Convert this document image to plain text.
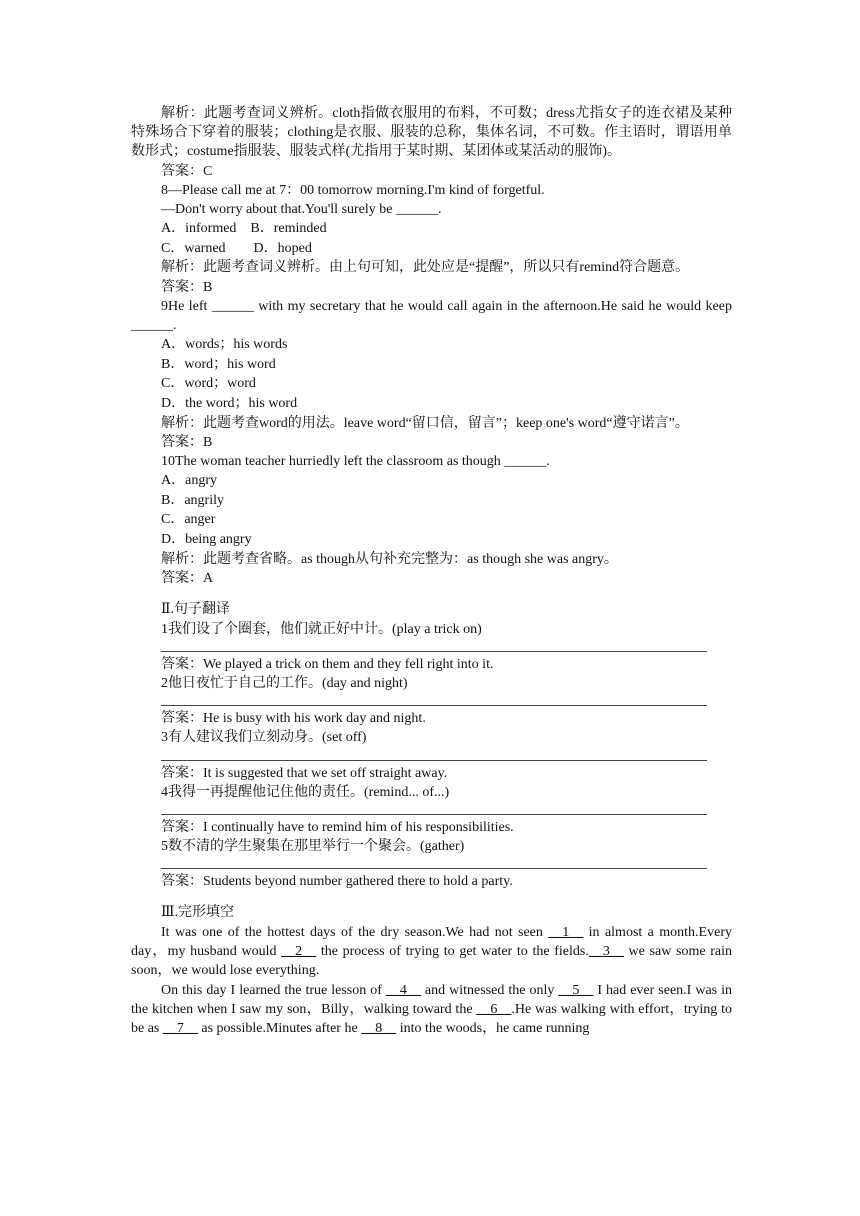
解析：此题考查词义辨析。cloth指做衣服用的布料，不可数；dress尤指女子的连衣裙及某种特殊场合下穿着的服装；clothing是衣服、服装的总称，集体名词，不可数。作主语时，谓语用单数形式；costume指服装、服装式样(尤指用于某时期、某团体或某活动的服饰)。

答案：C

8—Please call me at 7：00 tomorrow morning.I'm kind of forgetful.

—Don't worry about that.You'll surely be ______.

A．informed　B．reminded

C．warned　　D．hoped

解析：此题考查词义辨析。由上句可知，此处应是“提醒”，所以只有remind符合题意。

答案：B

9He left ______ with my secretary that he would call again in the afternoon.He said he would keep ______.

A．words；his words

B．word；his word

C．word；word

D．the word；his word

解析：此题考查word的用法。leave word“留口信，留言”；keep one's word“遵守诺言”。

答案：B

10The woman teacher hurriedly left the classroom as though ______.

A．angry

B．angrily

C．anger

D．being angry

解析：此题考查省略。as though从句补充完整为：as though she was angry。

答案：A

Ⅱ.句子翻译

1我们设了个圈套，他们就正好中计。(play a trick on)

答案：We played a trick on them and they fell right into it.

2他日夜忙于自己的工作。(day and night)

答案：He is busy with his work day and night.

3有人建议我们立刻动身。(set off)

答案：It is suggested that we set off straight away.

4我得一再提醒他记住他的责任。(remind... of...)

答案：I continually have to remind him of his responsibilities.

5数不清的学生聚集在那里举行一个聚会。(gather)

答案：Students beyond number gathered there to hold a party.

Ⅲ.完形填空

It was one of the hottest days of the dry season.We had not seen __1__ in almost a month.Every day，my husband would __2__ the process of trying to get water to the fields.__3__ we saw some rain soon，we would lose everything.

On this day I learned the true lesson of __4__ and witnessed the only __5__ I had ever seen.I was in the kitchen when I saw my son，Billy，walking toward the __6__.He was walking with effort，trying to be as __7__ as possible.Minutes after he __8__ into the woods，he came running
